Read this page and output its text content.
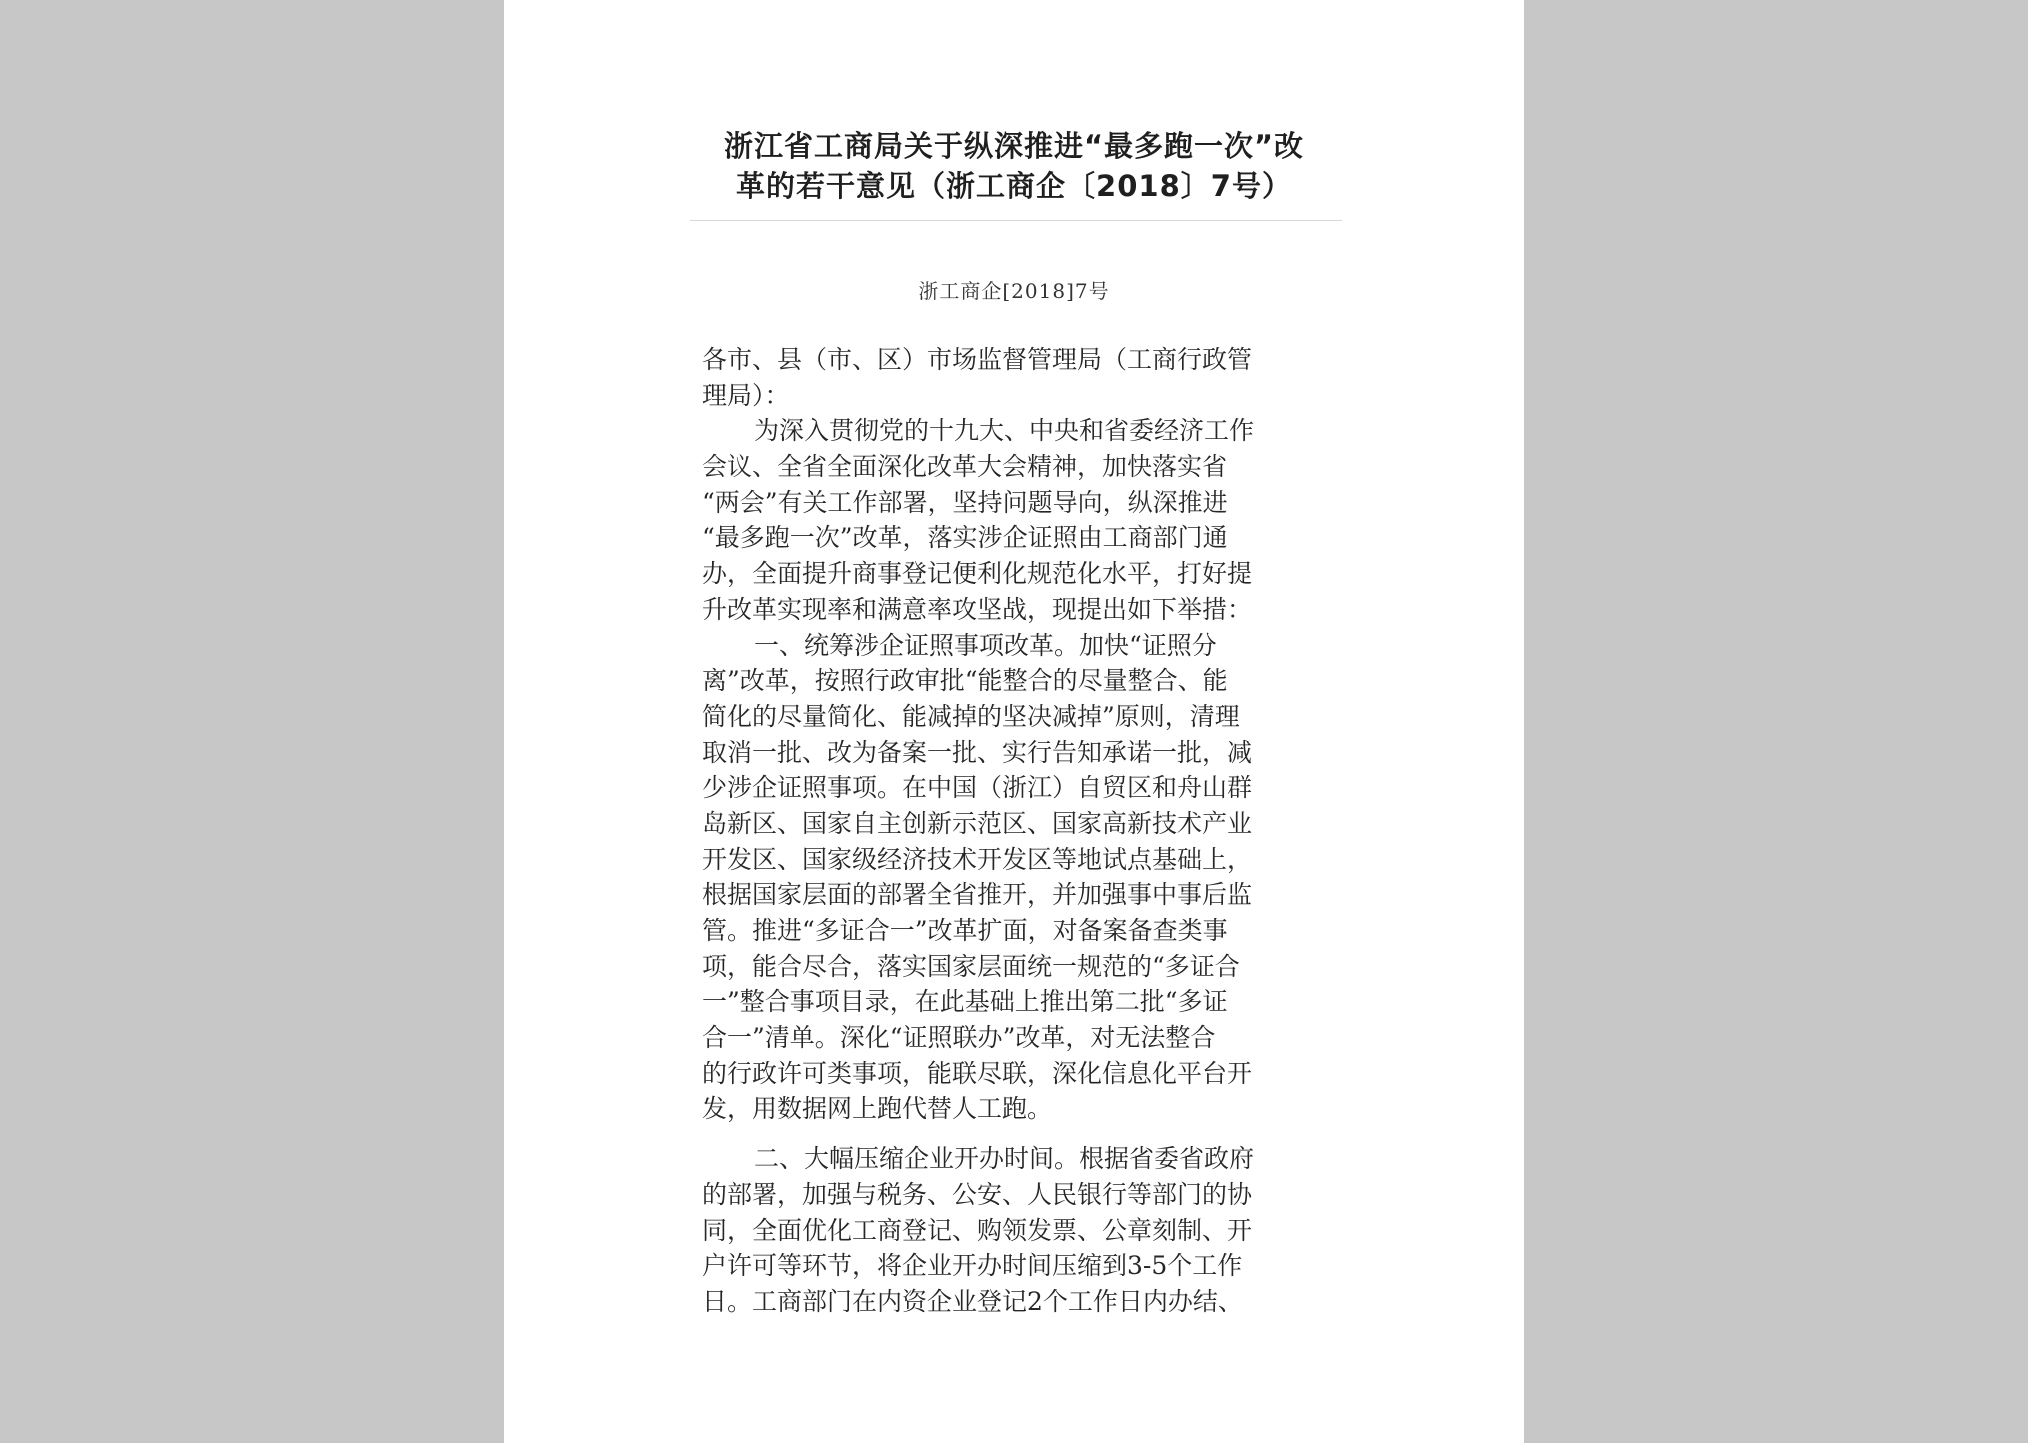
浙江省工商局关于纵深推进“最多跑一次”改
革的若干意见（浙工商企〔2018〕7号）
浙工商企[2018]7号
各市、县（市、区）市场监督管理局（工商行政管
理局）：
为深入贯彻党的十九大、中央和省委经济工作
会议、全省全面深化改革大会精神，加快落实省
“两会”有关工作部署，坚持问题导向，纵深推进
“最多跑一次”改革，落实涉企证照由工商部门通
办，全面提升商事登记便利化规范化水平，打好提
升改革实现率和满意率攻坚战，现提出如下举措：
一、统筹涉企证照事项改革。加快“证照分
离”改革，按照行政审批“能整合的尽量整合、能
简化的尽量简化、能减掉的坚决减掉”原则，清理
取消一批、改为备案一批、实行告知承诺一批，减
少涉企证照事项。在中国（浙江）自贸区和舟山群
岛新区、国家自主创新示范区、国家高新技术产业
开发区、国家级经济技术开发区等地试点基础上，
根据国家层面的部署全省推开，并加强事中事后监
管。推进“多证合一”改革扩面，对备案备查类事
项，能合尽合，落实国家层面统一规范的“多证合
一”整合事项目录，在此基础上推出第二批“多证
合一”清单。深化“证照联办”改革，对无法整合
的行政许可类事项，能联尽联，深化信息化平台开
发，用数据网上跑代替人工跑。
二、大幅压缩企业开办时间。根据省委省政府
的部署，加强与税务、公安、人民银行等部门的协
同，全面优化工商登记、购领发票、公章刻制、开
户许可等环节，将企业开办时间压缩到3-5个工作
日。工商部门在内资企业登记2个工作日内办结、
